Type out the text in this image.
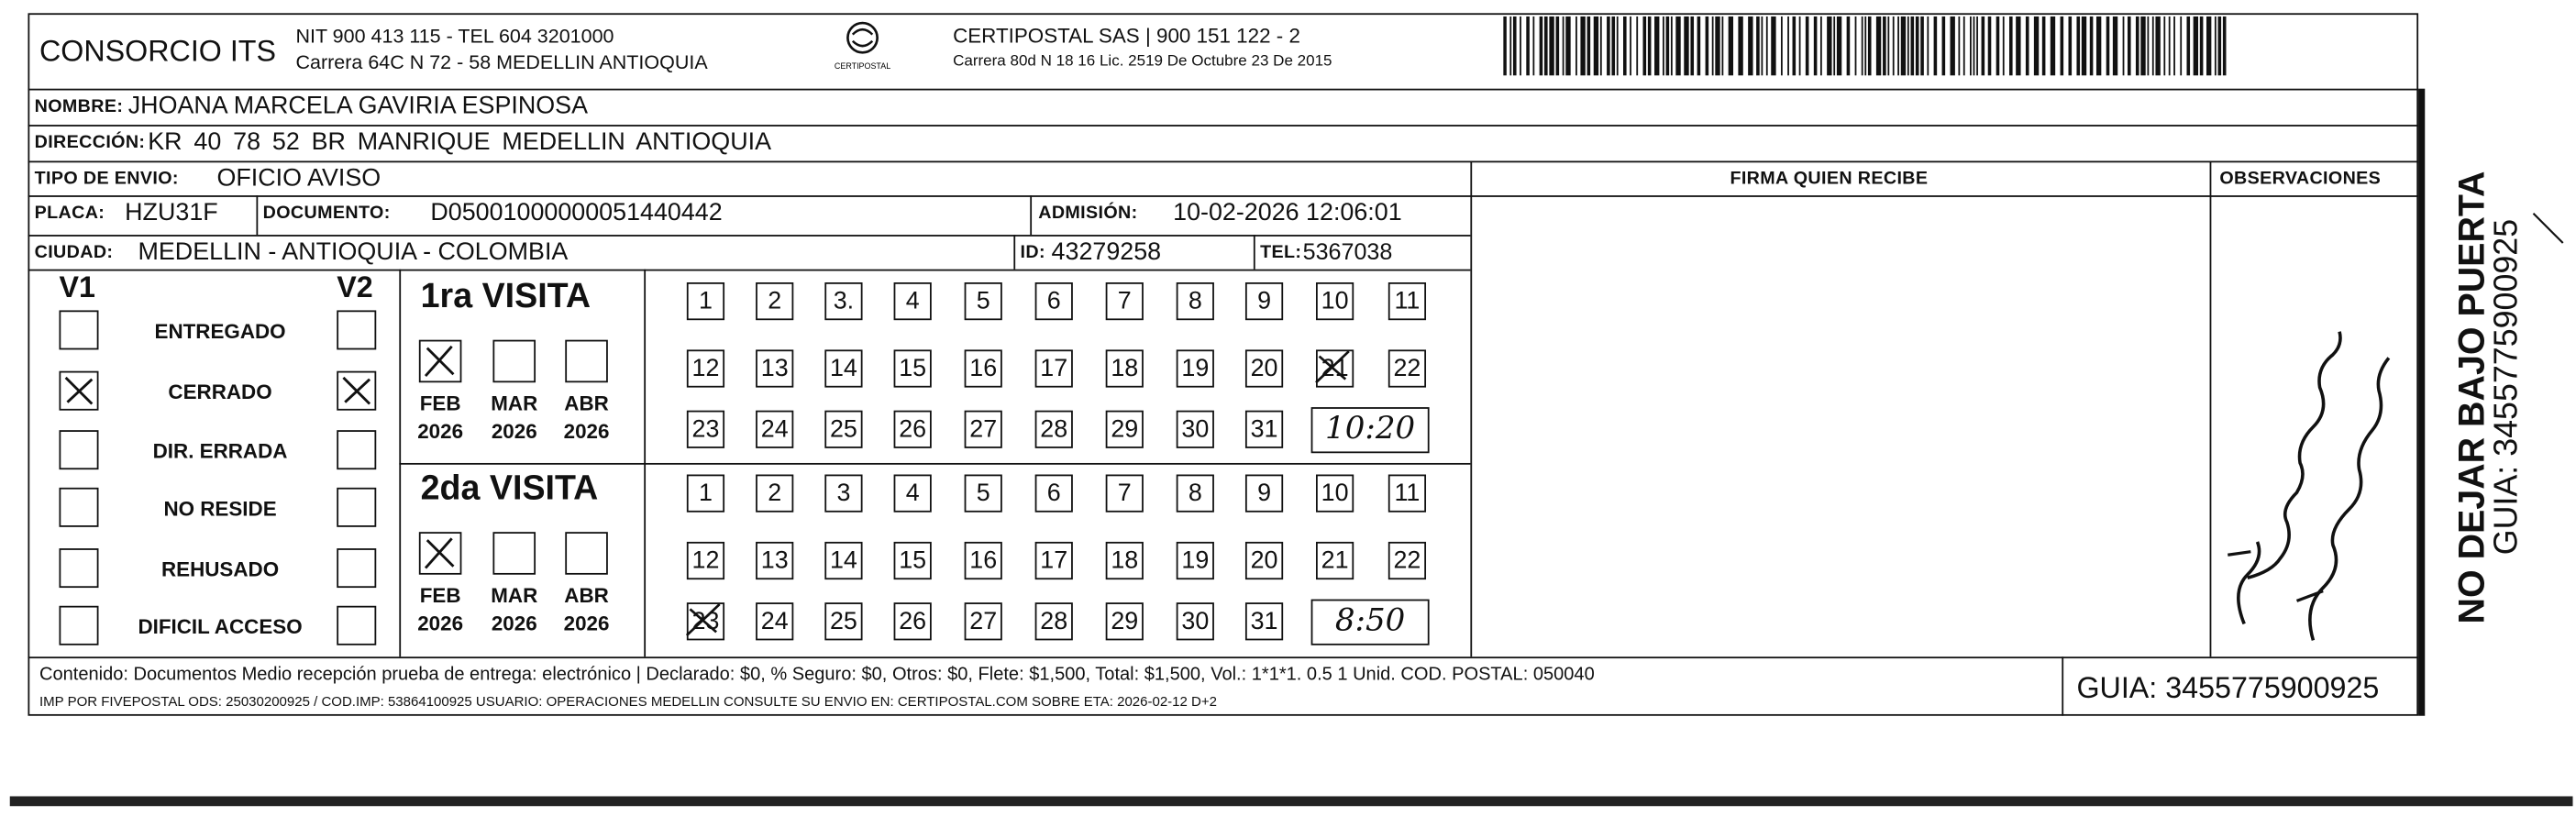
CONSORCIO ITS NIT 900 413 115 - TEL 604 3201000
Carrera 64C N 72 - 58 MEDELLIN ANTIOQUIA	CERTIPOSTAL
CERTIPOSTAL SAS | 900 151 122 - 2
Carrera 80d N 18 16 Lic. 2519 De Octubre 23 De 2015
NOMBRE: JHOANA MARCELA GAVIRIA ESPINOSA
DIRECCIÓN: KR 40 78 52 BR MANRIQUE MEDELLIN ANTIOQUIA
TIPO DE ENVIO:	OFICIO AVISO	FIRMA QUIEN RECIBE	OBSERVACIONES
PLACA: HZU31F	DOCUMENTO:	D05001000000051440442	ADMISIÓN:	10-02-2026 12:06:01
CIUDAD: MEDELLIN - ANTIOQUIA - COLOMBIA	ID: 43279258	TEL: 5367038
V1	V2
ENTREGADO
CERRADO
DIR. ERRADA
NO RESIDE
REHUSADO
DIFICIL ACCESO
1ra VISITA
FEB
2026
MAR
2026
ABR
2026
1	2	3.	4	5	6	7	8	9	10	11
12	13	14	15	16	17	18	19	20	21	22
23	24	25	26	27	28	29	30	31	10:20
2da VISITA
FEB
2026
MAR
2026
ABR
2026
1	2	3	4	5	6	7	8	9	10	11
12	13	14	15	16	17	18	19	20	21	22
23	24	25	26	27	28	29	30	31	8:50
Contenido: Documentos Medio recepción prueba de entrega: electrónico | Declarado: $0, % Seguro: $0, Otros: $0, Flete: $1,500, Total: $1,500, Vol.: 1*1*1. 0.5 1 Unid. COD. POSTAL: 050040
IMP POR FIVEPOSTAL ODS: 25030200925 / COD.IMP: 53864100925 USUARIO: OPERACIONES MEDELLIN CONSULTE SU ENVIO EN: CERTIPOSTAL.COM SOBRE ETA: 2026-02-12 D+2	GUIA: 3455775900925
NO DEJAR BAJO PUERTA
GUIA: 3455775900925
